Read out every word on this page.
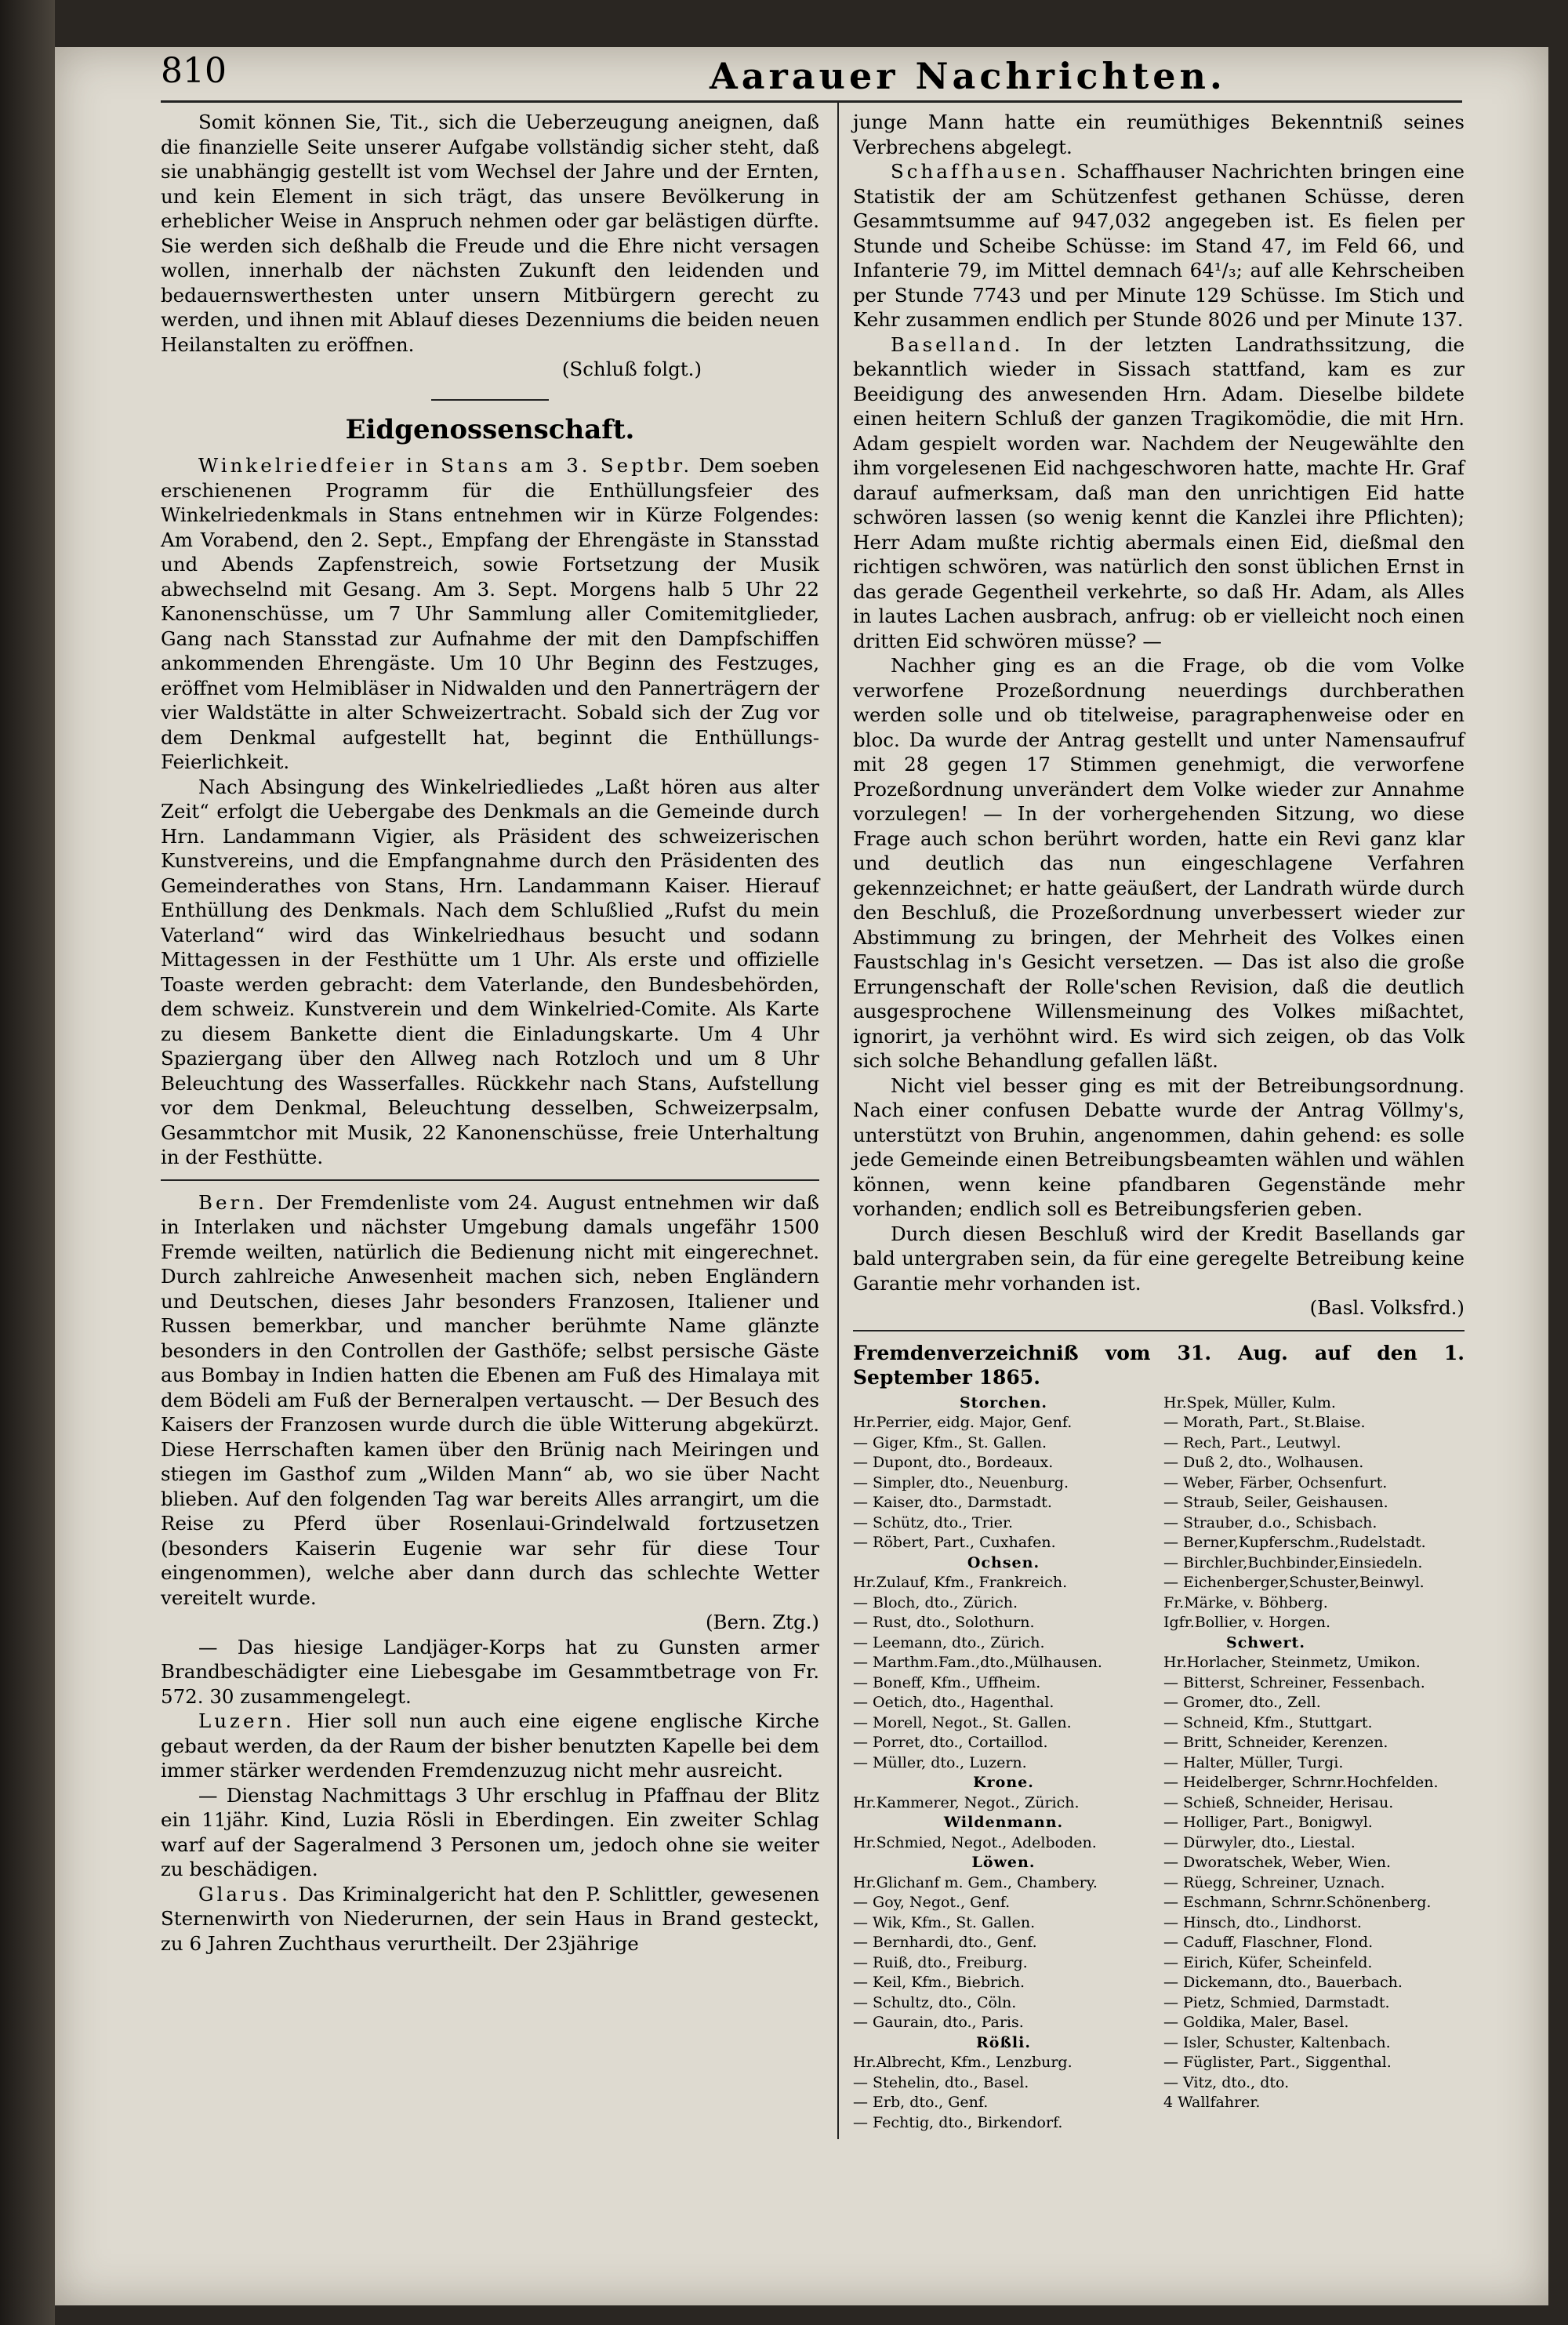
810	Aarauer Nachrichten.

Somit können Sie, Tit., sich die Ueberzeugung aneignen, daß die finanzielle Seite unserer Aufgabe vollständig sicher steht, daß sie unabhängig gestellt ist vom Wechsel der Jahre und der Ernten, und kein Element in sich trägt, das unsere Bevölkerung in erheblicher Weise in Anspruch nehmen oder gar belästigen dürfte. Sie werden sich deßhalb die Freude und die Ehre nicht versagen wollen, innerhalb der nächsten Zukunft den leidenden und bedauernswerthesten unter unsern Mitbürgern gerecht zu werden, und ihnen mit Ablauf dieses Dezenniums die beiden neuen Heilanstalten zu eröffnen.

(Schluß folgt.)

Eidgenossenschaft.

Winkelriedfeier in Stans am 3. Septbr. Dem soeben erschienenen Programm für die Enthüllungsfeier des Winkelriedenkmals in Stans entnehmen wir in Kürze Folgendes: Am Vorabend, den 2. Sept., Empfang der Ehrengäste in Stansstad und Abends Zapfenstreich, sowie Fortsetzung der Musik abwechselnd mit Gesang. Am 3. Sept. Morgens halb 5 Uhr 22 Kanonenschüsse, um 7 Uhr Sammlung aller Comitemitglieder, Gang nach Stansstad zur Aufnahme der mit den Dampfschiffen ankommenden Ehrengäste. Um 10 Uhr Beginn des Festzuges, eröffnet vom Helmibläser in Nidwalden und den Pannerträgern der vier Waldstätte in alter Schweizertracht. Sobald sich der Zug vor dem Denkmal aufgestellt hat, beginnt die Enthüllungs-Feierlichkeit.

Nach Absingung des Winkelriedliedes „Laßt hören aus alter Zeit“ erfolgt die Uebergabe des Denkmals an die Gemeinde durch Hrn. Landammann Vigier, als Präsident des schweizerischen Kunstvereins, und die Empfangnahme durch den Präsidenten des Gemeinderathes von Stans, Hrn. Landammann Kaiser. Hierauf Enthüllung des Denkmals. Nach dem Schlußlied „Rufst du mein Vaterland“ wird das Winkelriedhaus besucht und sodann Mittagessen in der Festhütte um 1 Uhr. Als erste und offizielle Toaste werden gebracht: dem Vaterlande, den Bundesbehörden, dem schweiz. Kunstverein und dem Winkelried-Comite. Als Karte zu diesem Bankette dient die Einladungskarte. Um 4 Uhr Spaziergang über den Allweg nach Rotzloch und um 8 Uhr Beleuchtung des Wasserfalles. Rückkehr nach Stans, Aufstellung vor dem Denkmal, Beleuchtung desselben, Schweizerpsalm, Gesammtchor mit Musik, 22 Kanonenschüsse, freie Unterhaltung in der Festhütte.

Bern. Der Fremdenliste vom 24. August entnehmen wir daß in Interlaken und nächster Umgebung damals ungefähr 1500 Fremde weilten, natürlich die Bedienung nicht mit eingerechnet. Durch zahlreiche Anwesenheit machen sich, neben Engländern und Deutschen, dieses Jahr besonders Franzosen, Italiener und Russen bemerkbar, und mancher berühmte Name glänzte besonders in den Controllen der Gasthöfe; selbst persische Gäste aus Bombay in Indien hatten die Ebenen am Fuß des Himalaya mit dem Bödeli am Fuß der Berneralpen vertauscht. — Der Besuch des Kaisers der Franzosen wurde durch die üble Witterung abgekürzt. Diese Herrschaften kamen über den Brünig nach Meiringen und stiegen im Gasthof zum „Wilden Mann“ ab, wo sie über Nacht blieben. Auf den folgenden Tag war bereits Alles arrangirt, um die Reise zu Pferd über Rosenlaui-Grindelwald fortzusetzen (besonders Kaiserin Eugenie war sehr für diese Tour eingenommen), welche aber dann durch das schlechte Wetter vereitelt wurde.

(Bern. Ztg.)

— Das hiesige Landjäger-Korps hat zu Gunsten armer Brandbeschädigter eine Liebesgabe im Gesammtbetrage von Fr. 572. 30 zusammengelegt.

Luzern. Hier soll nun auch eine eigene englische Kirche gebaut werden, da der Raum der bisher benutzten Kapelle bei dem immer stärker werdenden Fremdenzuzug nicht mehr ausreicht.

— Dienstag Nachmittags 3 Uhr erschlug in Pfaffnau der Blitz ein 11jähr. Kind, Luzia Rösli in Eberdingen. Ein zweiter Schlag warf auf der Sageralmend 3 Personen um, jedoch ohne sie weiter zu beschädigen.

Glarus. Das Kriminalgericht hat den P. Schlittler, gewesenen Sternenwirth von Niederurnen, der sein Haus in Brand gesteckt, zu 6 Jahren Zuchthaus verurtheilt. Der 23jährige

junge Mann hatte ein reumüthiges Bekenntniß seines Verbrechens abgelegt.

Schaffhausen. Schaffhauser Nachrichten bringen eine Statistik der am Schützenfest gethanen Schüsse, deren Gesammtsumme auf 947,032 angegeben ist. Es fielen per Stunde und Scheibe Schüsse: im Stand 47, im Feld 66, und Infanterie 79, im Mittel demnach 64¹/₃; auf alle Kehrscheiben per Stunde 7743 und per Minute 129 Schüsse. Im Stich und Kehr zusammen endlich per Stunde 8026 und per Minute 137.

Baselland. In der letzten Landrathssitzung, die bekanntlich wieder in Sissach stattfand, kam es zur Beeidigung des anwesenden Hrn. Adam. Dieselbe bildete einen heitern Schluß der ganzen Tragikomödie, die mit Hrn. Adam gespielt worden war. Nachdem der Neugewählte den ihm vorgelesenen Eid nachgeschworen hatte, machte Hr. Graf darauf aufmerksam, daß man den unrichtigen Eid hatte schwören lassen (so wenig kennt die Kanzlei ihre Pflichten); Herr Adam mußte richtig abermals einen Eid, dießmal den richtigen schwören, was natürlich den sonst üblichen Ernst in das gerade Gegentheil verkehrte, so daß Hr. Adam, als Alles in lautes Lachen ausbrach, anfrug: ob er vielleicht noch einen dritten Eid schwören müsse? —

Nachher ging es an die Frage, ob die vom Volke verworfene Prozeßordnung neuerdings durchberathen werden solle und ob titelweise, paragraphenweise oder en bloc. Da wurde der Antrag gestellt und unter Namensaufruf mit 28 gegen 17 Stimmen genehmigt, die verworfene Prozeßordnung unverändert dem Volke wieder zur Annahme vorzulegen! — In der vorhergehenden Sitzung, wo diese Frage auch schon berührt worden, hatte ein Revi ganz klar und deutlich das nun eingeschlagene Verfahren gekennzeichnet; er hatte geäußert, der Landrath würde durch den Beschluß, die Prozeßordnung unverbessert wieder zur Abstimmung zu bringen, der Mehrheit des Volkes einen Faustschlag in's Gesicht versetzen. — Das ist also die große Errungenschaft der Rolle'schen Revision, daß die deutlich ausgesprochene Willensmeinung des Volkes mißachtet, ignorirt, ja verhöhnt wird. Es wird sich zeigen, ob das Volk sich solche Behandlung gefallen läßt.

Nicht viel besser ging es mit der Betreibungsordnung. Nach einer confusen Debatte wurde der Antrag Völlmy's, unterstützt von Bruhin, angenommen, dahin gehend: es solle jede Gemeinde einen Betreibungsbeamten wählen und wählen können, wenn keine pfandbaren Gegenstände mehr vorhanden; endlich soll es Betreibungsferien geben.

Durch diesen Beschluß wird der Kredit Basellands gar bald untergraben sein, da für eine geregelte Betreibung keine Garantie mehr vorhanden ist.

(Basl. Volksfrd.)

Fremdenverzeichniß vom 31. Aug. auf den 1. September 1865.
Storchen.
Hr.Perrier, eidg. Major, Genf.
— Giger, Kfm., St. Gallen.
— Dupont, dto., Bordeaux.
— Simpler, dto., Neuenburg.
— Kaiser, dto., Darmstadt.
— Schütz, dto., Trier.
— Röbert, Part., Cuxhafen.
Ochsen.
Hr.Zulauf, Kfm., Frankreich.
— Bloch, dto., Zürich.
— Rust, dto., Solothurn.
— Leemann, dto., Zürich.
— Marthm.Fam.,dto.,Mülhausen.
— Boneff, Kfm., Uffheim.
— Oetich, dto., Hagenthal.
— Morell, Negot., St. Gallen.
— Porret, dto., Cortaillod.
— Müller, dto., Luzern.
Krone.
Hr.Kammerer, Negot., Zürich.
Wildenmann.
Hr.Schmied, Negot., Adelboden.
Löwen.
Hr.Glichanf m. Gem., Chambery.
— Goy, Negot., Genf.
— Wik, Kfm., St. Gallen.
— Bernhardi, dto., Genf.
— Ruiß, dto., Freiburg.
— Keil, Kfm., Biebrich.
— Schultz, dto., Cöln.
— Gaurain, dto., Paris.
Rößli.
Hr.Albrecht, Kfm., Lenzburg.
— Stehelin, dto., Basel.
— Erb, dto., Genf.
— Fechtig, dto., Birkendorf.
Hr.Spek, Müller, Kulm.
— Morath, Part., St.Blaise.
— Rech, Part., Leutwyl.
— Duß 2, dto., Wolhausen.
— Weber, Färber, Ochsenfurt.
— Straub, Seiler, Geishausen.
— Strauber, d.o., Schisbach.
— Berner,Kupferschm.,Rudelstadt.
— Birchler,Buchbinder,Einsiedeln.
— Eichenberger,Schuster,Beinwyl.
Fr.Märke, v. Böhberg.
Igfr.Bollier, v. Horgen.
Schwert.
Hr.Horlacher, Steinmetz, Umikon.
— Bitterst, Schreiner, Fessenbach.
— Gromer, dto., Zell.
— Schneid, Kfm., Stuttgart.
— Britt, Schneider, Kerenzen.
— Halter, Müller, Turgi.
— Heidelberger, Schrnr.Hochfelden.
— Schieß, Schneider, Herisau.
— Holliger, Part., Bonigwyl.
— Dürwyler, dto., Liestal.
— Dworatschek, Weber, Wien.
— Rüegg, Schreiner, Uznach.
— Eschmann, Schrnr.Schönenberg.
— Hinsch, dto., Lindhorst.
— Caduff, Flaschner, Flond.
— Eirich, Küfer, Scheinfeld.
— Dickemann, dto., Bauerbach.
— Pietz, Schmied, Darmstadt.
— Goldika, Maler, Basel.
— Isler, Schuster, Kaltenbach.
— Füglister, Part., Siggenthal.
— Vitz, dto., dto.
4 Wallfahrer.
